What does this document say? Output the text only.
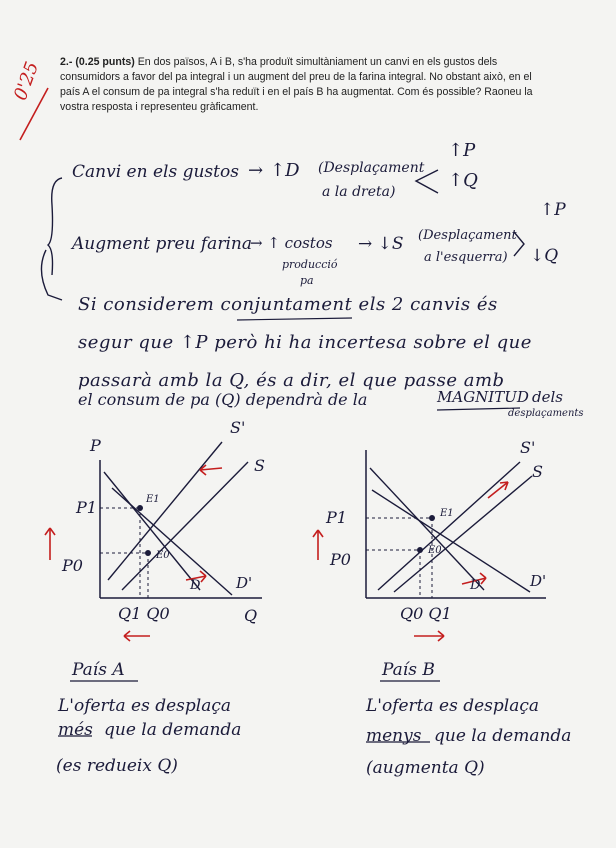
2.- (0.25 punts) En dos països, A i B, s'ha produït simultàniament un canvi en els gustos dels consumidors a favor del pa integral i un augment del preu de la farina integral. No obstant això, en el país A el consum de pa integral s'ha reduït i en el país B ha augmentat. Com és possible? Raoneu la vostra resposta i representeu gràficament.
0'25
Canvi en els gustos → ↑D (Desplaçament
a la dreta)
↑P
↑Q
Augment preu farina
→ ↑ costos
producció
pa
→ ↓S (Desplaçament
a l'esquerra)
↑P
↓Q
Si considerem conjuntament els 2 canvis és
segur que ↑P però hi ha incertesa sobre el que
passarà amb la Q, és a dir, el que passe amb
el consum de pa (Q) dependrà de la	MAGNITUD dels
desplaçaments
P
S'
S
D D'
P1
P0
E1
E0
Q1 Q0	Q
País A
L'oferta es desplaça
més que la demanda
(es redueix Q)
S'
S
D	D'
P1
P0
E1
E0
Q0 Q1
País B
L'oferta es desplaça
menys que la demanda
(augmenta Q)
